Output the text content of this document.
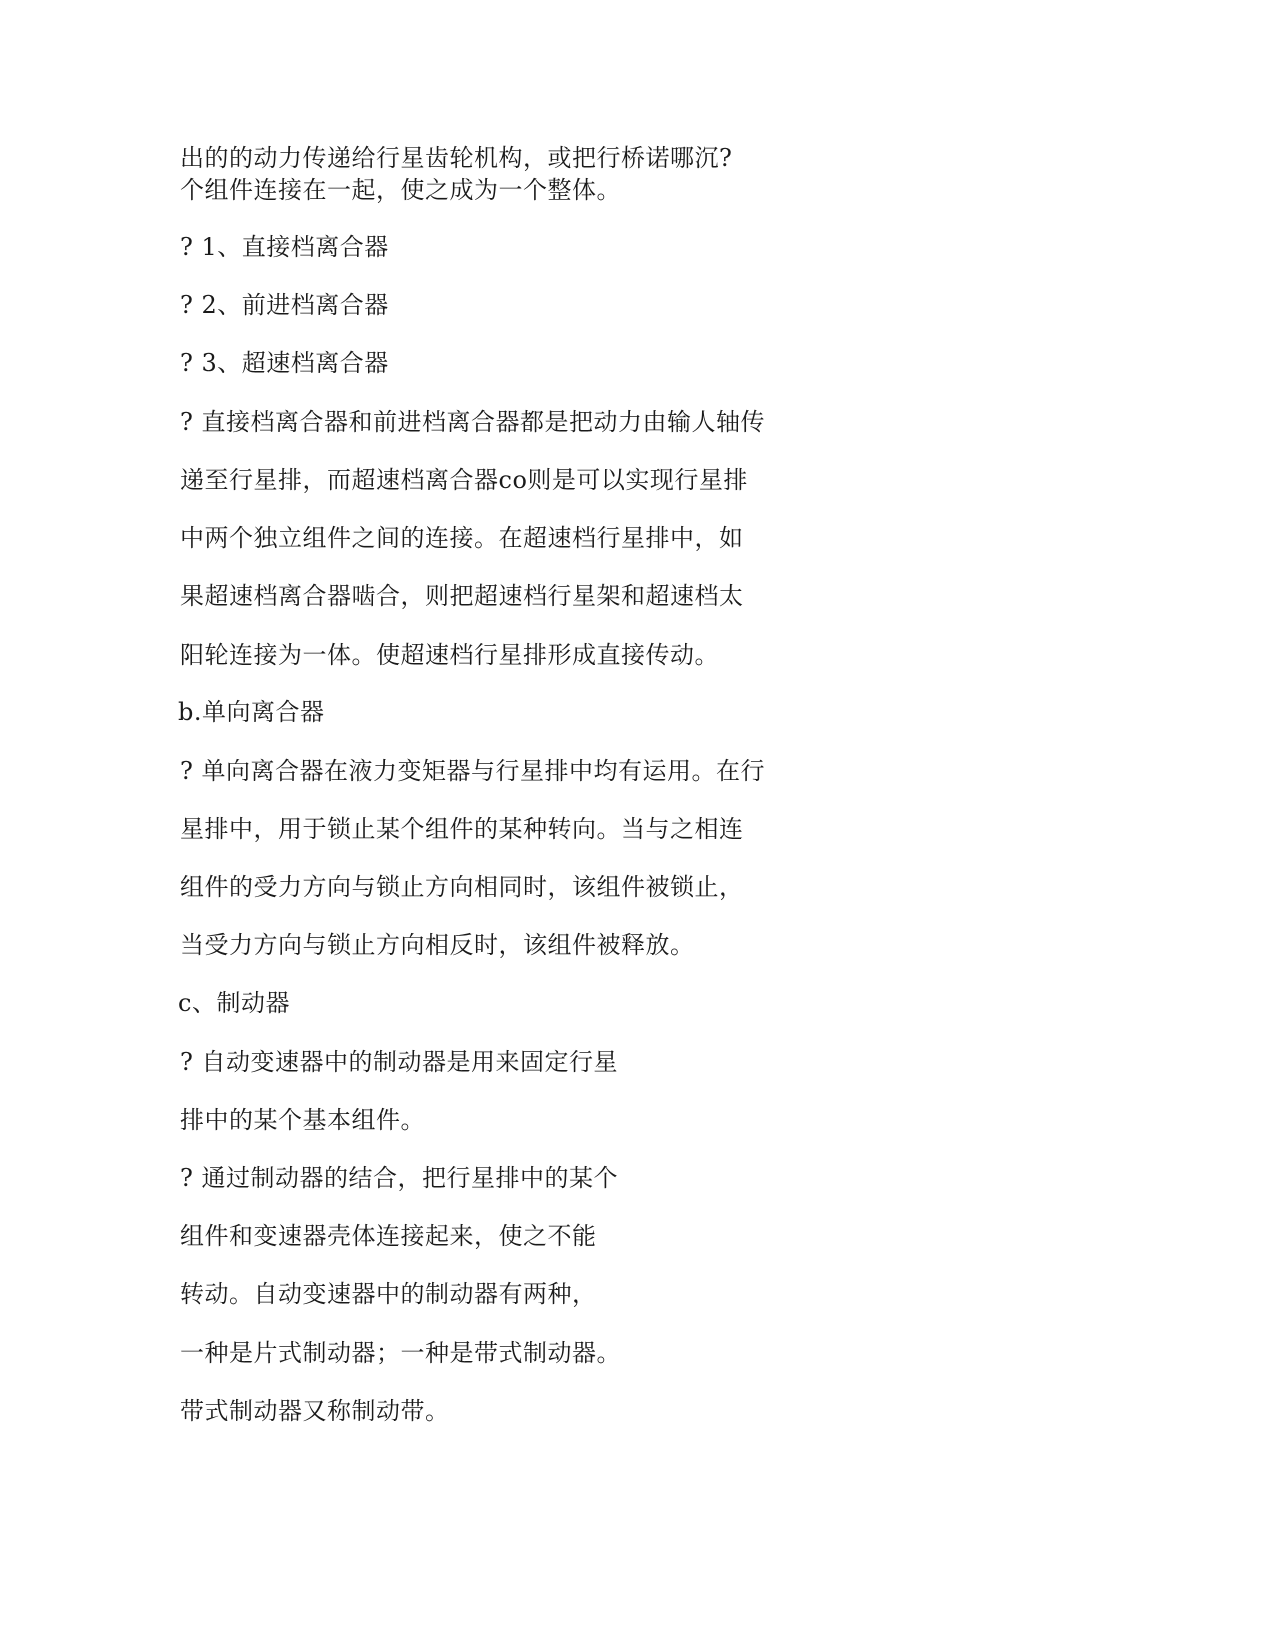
出的的动力传递给行星齿轮机构，或把行桥诺哪沉?
个组件连接在一起，使之成为一个整体。
? 1、直接档离合器
? 2、前进档离合器
? 3、超速档离合器
? 直接档离合器和前进档离合器都是把动力由输人轴传
递至行星排，而超速档离合器co则是可以实现行星排
中两个独立组件之间的连接。在超速档行星排中，如
果超速档离合器啮合，则把超速档行星架和超速档太
阳轮连接为一体。使超速档行星排形成直接传动。
b.单向离合器
? 单向离合器在液力变矩器与行星排中均有运用。在行
星排中，用于锁止某个组件的某种转向。当与之相连
组件的受力方向与锁止方向相同时，该组件被锁止，
当受力方向与锁止方向相反时，该组件被释放。
c、制动器
? 自动变速器中的制动器是用来固定行星
排中的某个基本组件。
? 通过制动器的结合，把行星排中的某个
组件和变速器壳体连接起来，使之不能
转动。自动变速器中的制动器有两种，
一种是片式制动器；一种是带式制动器。
带式制动器又称制动带。
